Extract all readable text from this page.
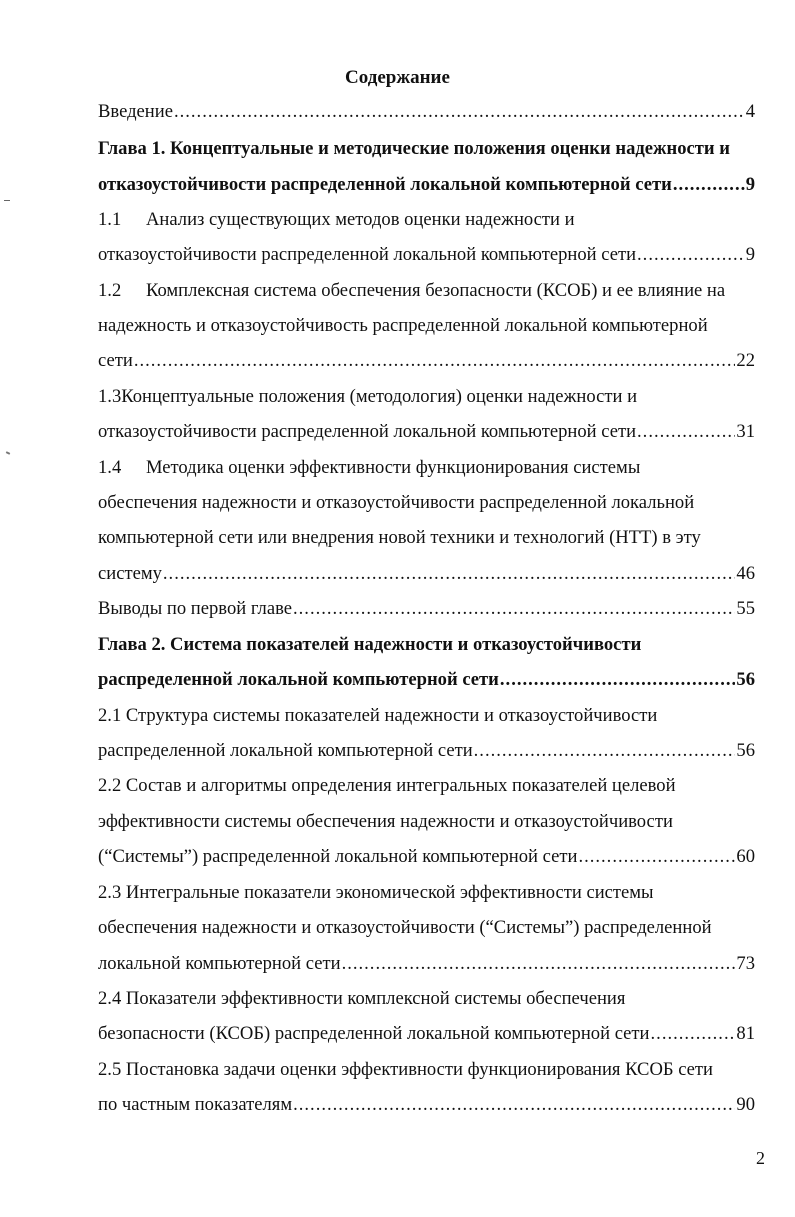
Содержание
Введение .....	4
Глава 1. Концептуальные и методические положения оценки надежности и
отказоустойчивости распределенной локальной компьютерной сети .....	9
1.1 Анализ существующих методов оценки надежности и
отказоустойчивости распределенной локальной компьютерной сети .....	9
1.2 Комплексная система обеспечения безопасности (КСОБ) и ее влияние на
надежность и отказоустойчивость распределенной локальной компьютерной
сети .....	22
1.3Концептуальные положения (методология) оценки надежности и
отказоустойчивости распределенной локальной компьютерной сети .....	31
1.4 Методика оценки эффективности функционирования системы
обеспечения надежности и отказоустойчивости распределенной локальной
компьютерной сети или внедрения новой техники и технологий (НТТ) в эту
систему .....	46
Выводы по первой главе .....	55
Глава 2. Система показателей надежности и отказоустойчивости
распределенной локальной компьютерной сети .....	56
2.1 Структура системы показателей надежности и отказоустойчивости
распределенной локальной компьютерной сети .....	56
2.2 Состав и алгоритмы определения интегральных показателей целевой
эффективности системы обеспечения надежности и отказоустойчивости
(“Системы”) распределенной локальной компьютерной сети .....	60
2.3 Интегральные показатели экономической эффективности системы
обеспечения надежности и отказоустойчивости (“Системы”) распределенной
локальной компьютерной сети .....	73
2.4 Показатели эффективности комплексной системы обеспечения
безопасности (КСОБ) распределенной локальной компьютерной сети .....	81
2.5 Постановка задачи оценки эффективности функционирования КСОБ сети
по частным показателям .....	90
2
